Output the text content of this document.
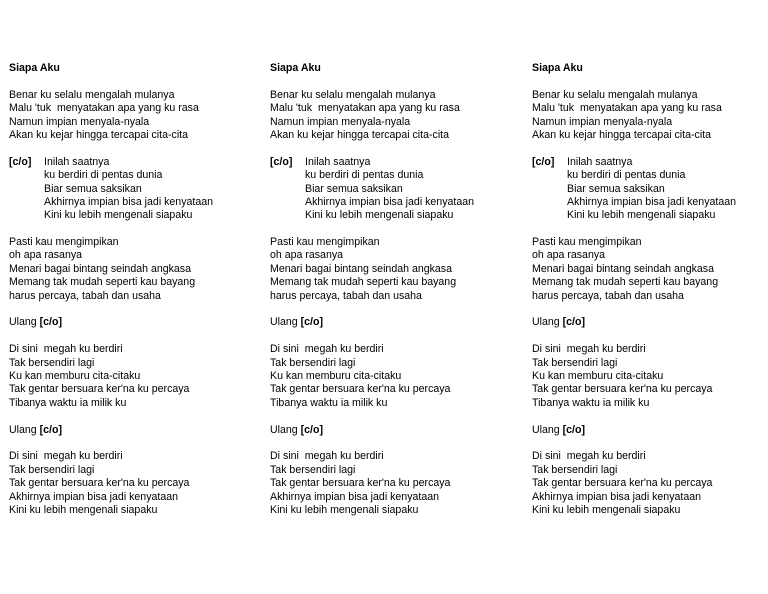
Siapa Aku
Benar ku selalu mengalah mulanya
Malu 'tuk  menyatakan apa yang ku rasa
Namun impian menyala-nyala
Akan ku kejar hingga tercapai cita-cita
[c/o]	Inilah saatnya
ku berdiri di pentas dunia
Biar semua saksikan
Akhirnya impian bisa jadi kenyataan
Kini ku lebih mengenali siapaku
Pasti kau mengimpikan
oh apa rasanya
Menari bagai bintang seindah angkasa
Memang tak mudah seperti kau bayang
harus percaya, tabah dan usaha
Ulang [c/o]
Di sini  megah ku berdiri
Tak bersendiri lagi
Ku kan memburu cita-citaku
Tak gentar bersuara ker'na ku percaya
Tibanya waktu ia milik ku
Ulang [c/o]
Di sini  megah ku berdiri
Tak bersendiri lagi
Tak gentar bersuara ker'na ku percaya
Akhirnya impian bisa jadi kenyataan
Kini ku lebih mengenali siapaku
Siapa Aku
Benar ku selalu mengalah mulanya
Malu 'tuk  menyatakan apa yang ku rasa
Namun impian menyala-nyala
Akan ku kejar hingga tercapai cita-cita
[c/o]	Inilah saatnya
ku berdiri di pentas dunia
Biar semua saksikan
Akhirnya impian bisa jadi kenyataan
Kini ku lebih mengenali siapaku
Pasti kau mengimpikan
oh apa rasanya
Menari bagai bintang seindah angkasa
Memang tak mudah seperti kau bayang
harus percaya, tabah dan usaha
Ulang [c/o]
Di sini  megah ku berdiri
Tak bersendiri lagi
Ku kan memburu cita-citaku
Tak gentar bersuara ker'na ku percaya
Tibanya waktu ia milik ku
Ulang [c/o]
Di sini  megah ku berdiri
Tak bersendiri lagi
Tak gentar bersuara ker'na ku percaya
Akhirnya impian bisa jadi kenyataan
Kini ku lebih mengenali siapaku
Siapa Aku
Benar ku selalu mengalah mulanya
Malu 'tuk  menyatakan apa yang ku rasa
Namun impian menyala-nyala
Akan ku kejar hingga tercapai cita-cita
[c/o]	Inilah saatnya
ku berdiri di pentas dunia
Biar semua saksikan
Akhirnya impian bisa jadi kenyataan
Kini ku lebih mengenali siapaku
Pasti kau mengimpikan
oh apa rasanya
Menari bagai bintang seindah angkasa
Memang tak mudah seperti kau bayang
harus percaya, tabah dan usaha
Ulang [c/o]
Di sini  megah ku berdiri
Tak bersendiri lagi
Ku kan memburu cita-citaku
Tak gentar bersuara ker'na ku percaya
Tibanya waktu ia milik ku
Ulang [c/o]
Di sini  megah ku berdiri
Tak bersendiri lagi
Tak gentar bersuara ker'na ku percaya
Akhirnya impian bisa jadi kenyataan
Kini ku lebih mengenali siapaku
